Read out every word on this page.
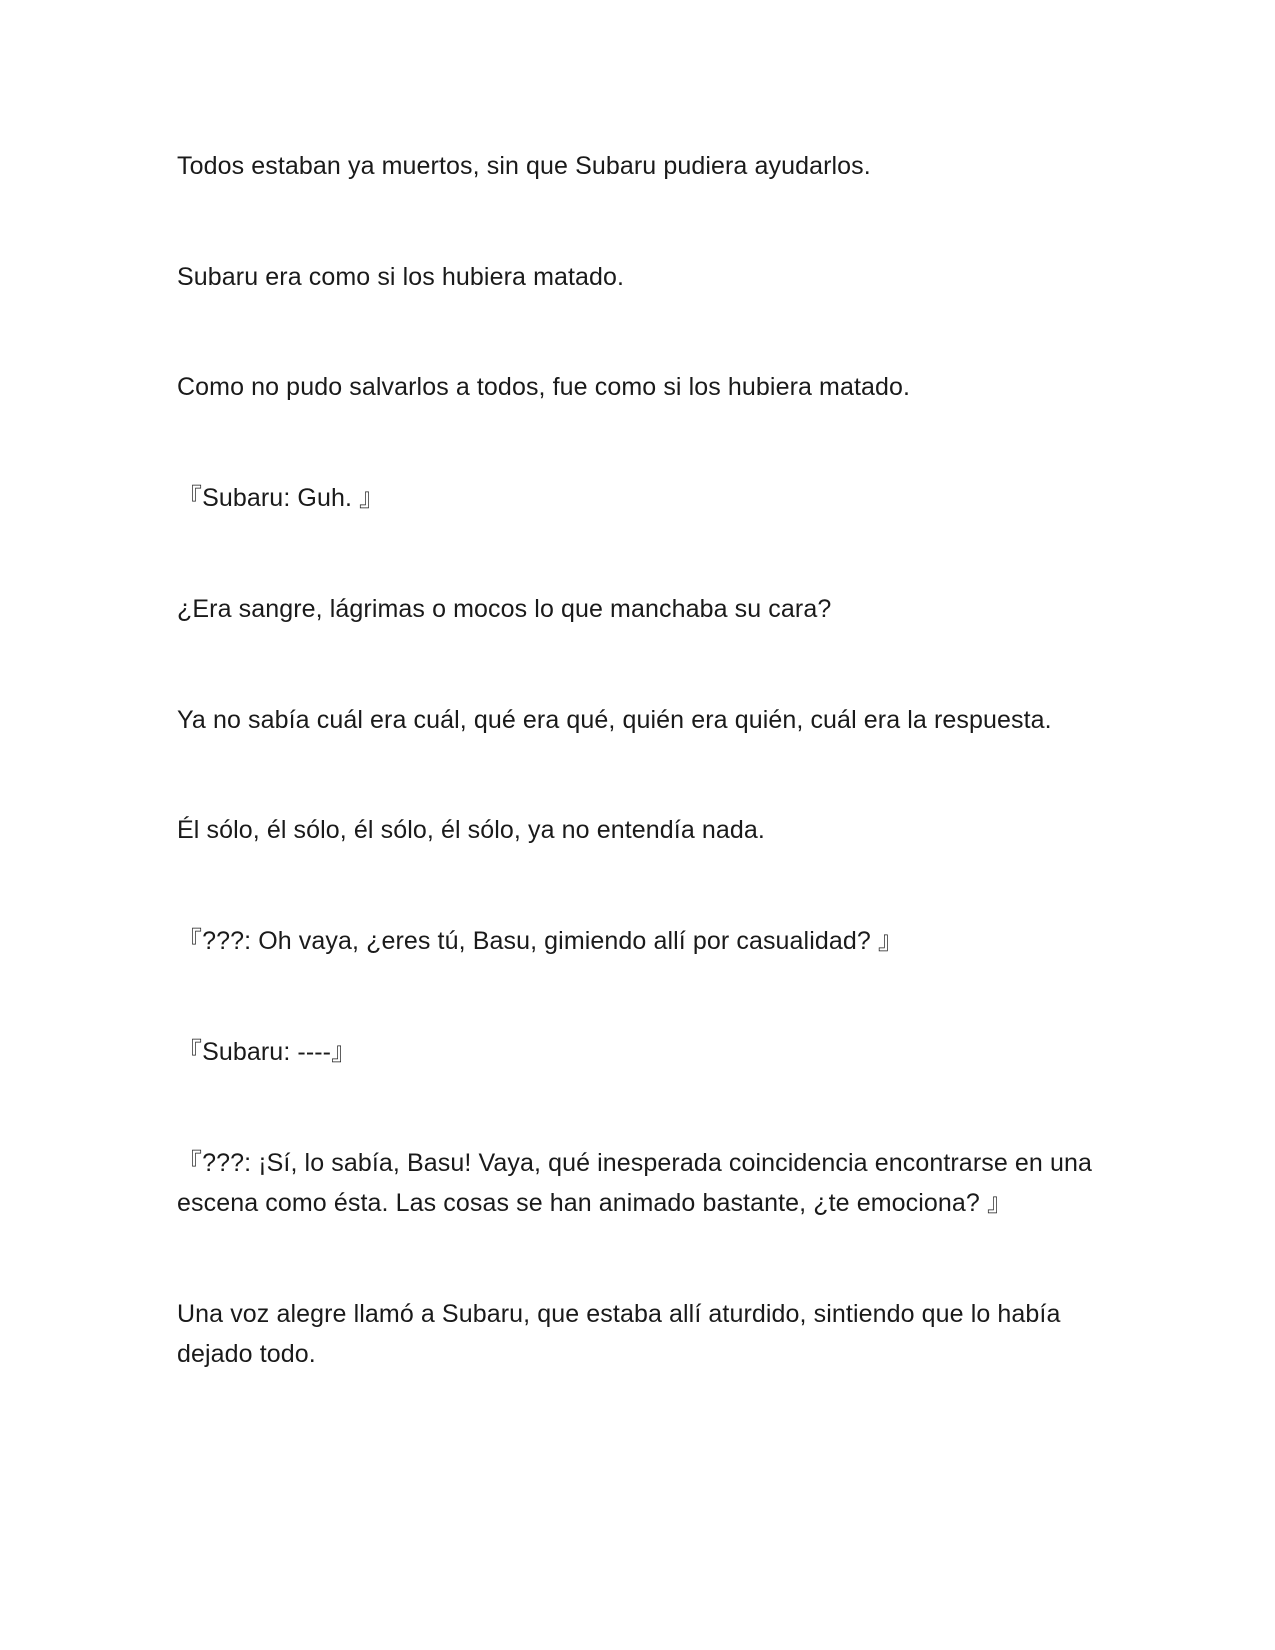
Todos estaban ya muertos, sin que Subaru pudiera ayudarlos.

Subaru era como si los hubiera matado.

Como no pudo salvarlos a todos, fue como si los hubiera matado.

『Subaru: Guh. 』

¿Era sangre, lágrimas o mocos lo que manchaba su cara?

Ya no sabía cuál era cuál, qué era qué, quién era quién, cuál era la respuesta.

Él sólo, él sólo, él sólo, él sólo, ya no entendía nada.

『???: Oh vaya, ¿eres tú, Basu, gimiendo allí por casualidad? 』

『Subaru: ----』

『???: ¡Sí, lo sabía, Basu! Vaya, qué inesperada coincidencia encontrarse en una escena como ésta. Las cosas se han animado bastante, ¿te emociona? 』

Una voz alegre llamó a Subaru, que estaba allí aturdido, sintiendo que lo había dejado todo.
